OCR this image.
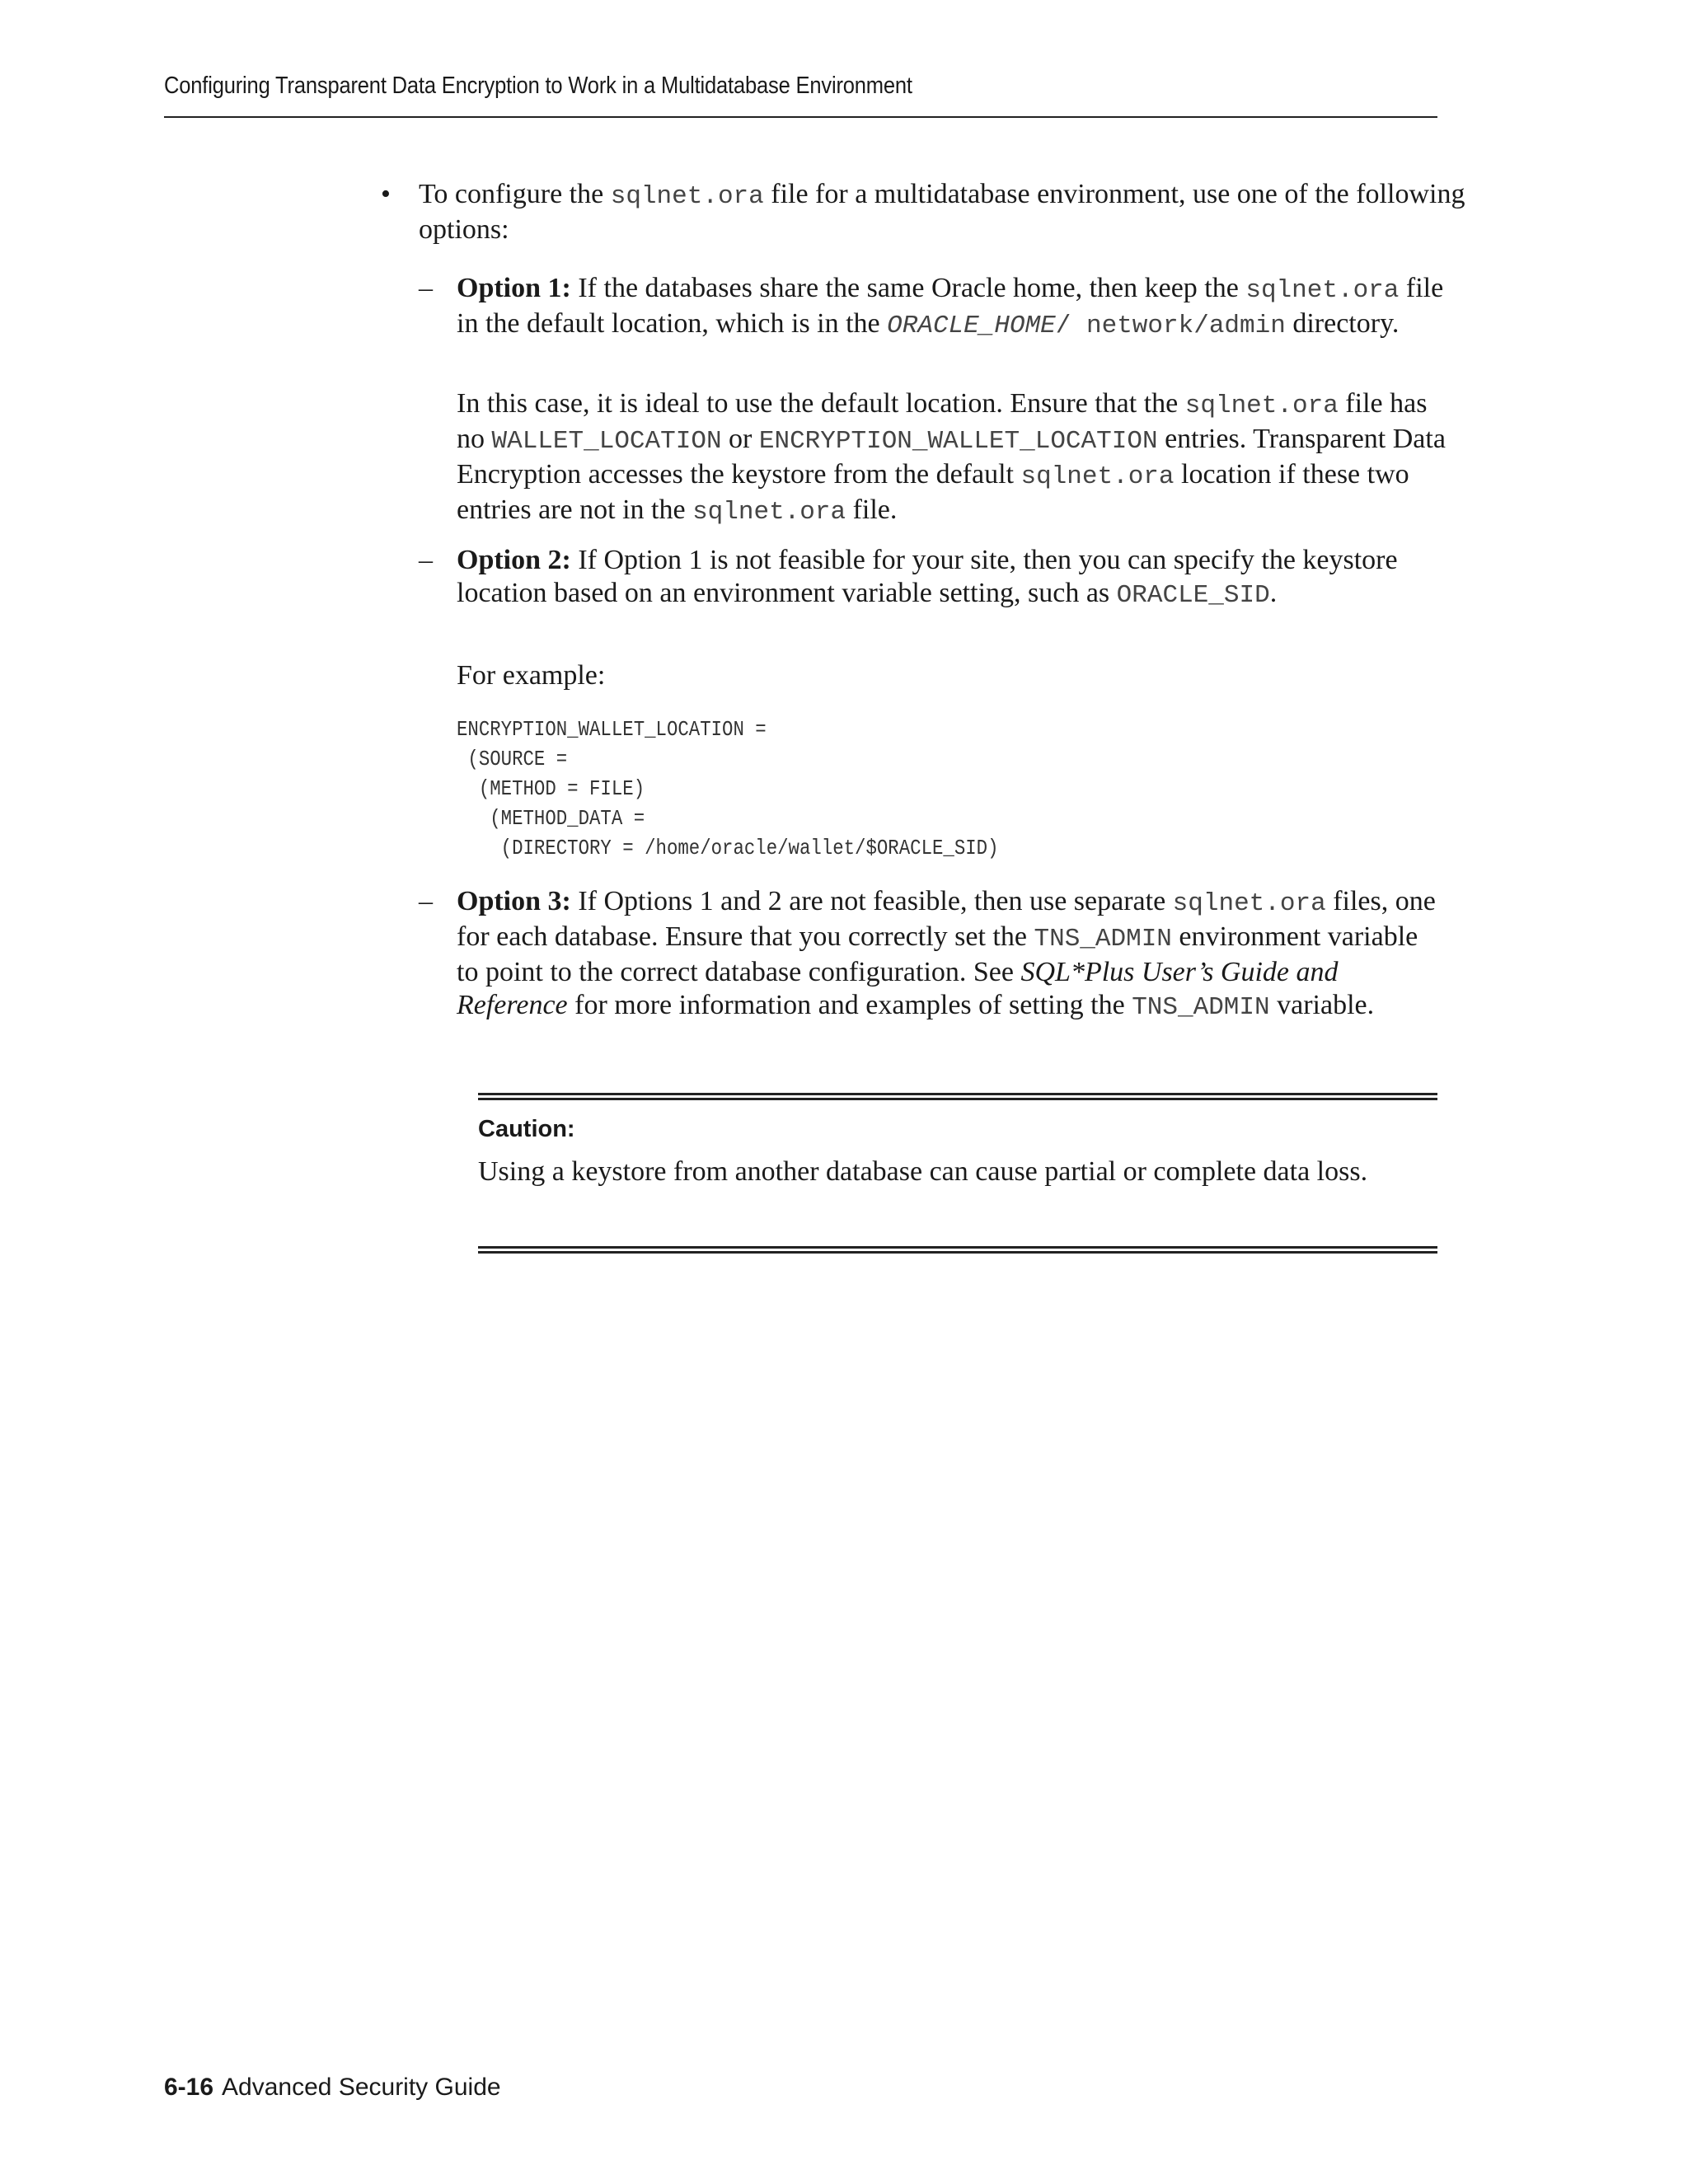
Configuring Transparent Data Encryption to Work in a Multidatabase Environment
• To configure the sqlnet.ora file for a multidatabase environment, use one of the following options:
– Option 1: If the databases share the same Oracle home, then keep the sqlnet.ora file in the default location, which is in the ORACLE_HOME/ network/admin directory.
In this case, it is ideal to use the default location. Ensure that the sqlnet.ora file has no WALLET_LOCATION or ENCRYPTION_WALLET_LOCATION entries. Transparent Data Encryption accesses the keystore from the default sqlnet.ora location if these two entries are not in the sqlnet.ora file.
– Option 2: If Option 1 is not feasible for your site, then you can specify the keystore location based on an environment variable setting, such as ORACLE_SID.
For example:
ENCRYPTION_WALLET_LOCATION =
(SOURCE =
(METHOD = FILE)
(METHOD_DATA =
(DIRECTORY = /home/oracle/wallet/$ORACLE_SID)
– Option 3: If Options 1 and 2 are not feasible, then use separate sqlnet.ora files, one for each database. Ensure that you correctly set the TNS_ADMIN environment variable to point to the correct database configuration. See SQL*Plus User’s Guide and Reference for more information and examples of setting the TNS_ADMIN variable.
Caution:
Using a keystore from another database can cause partial or complete data loss.
6-16 Advanced Security Guide
